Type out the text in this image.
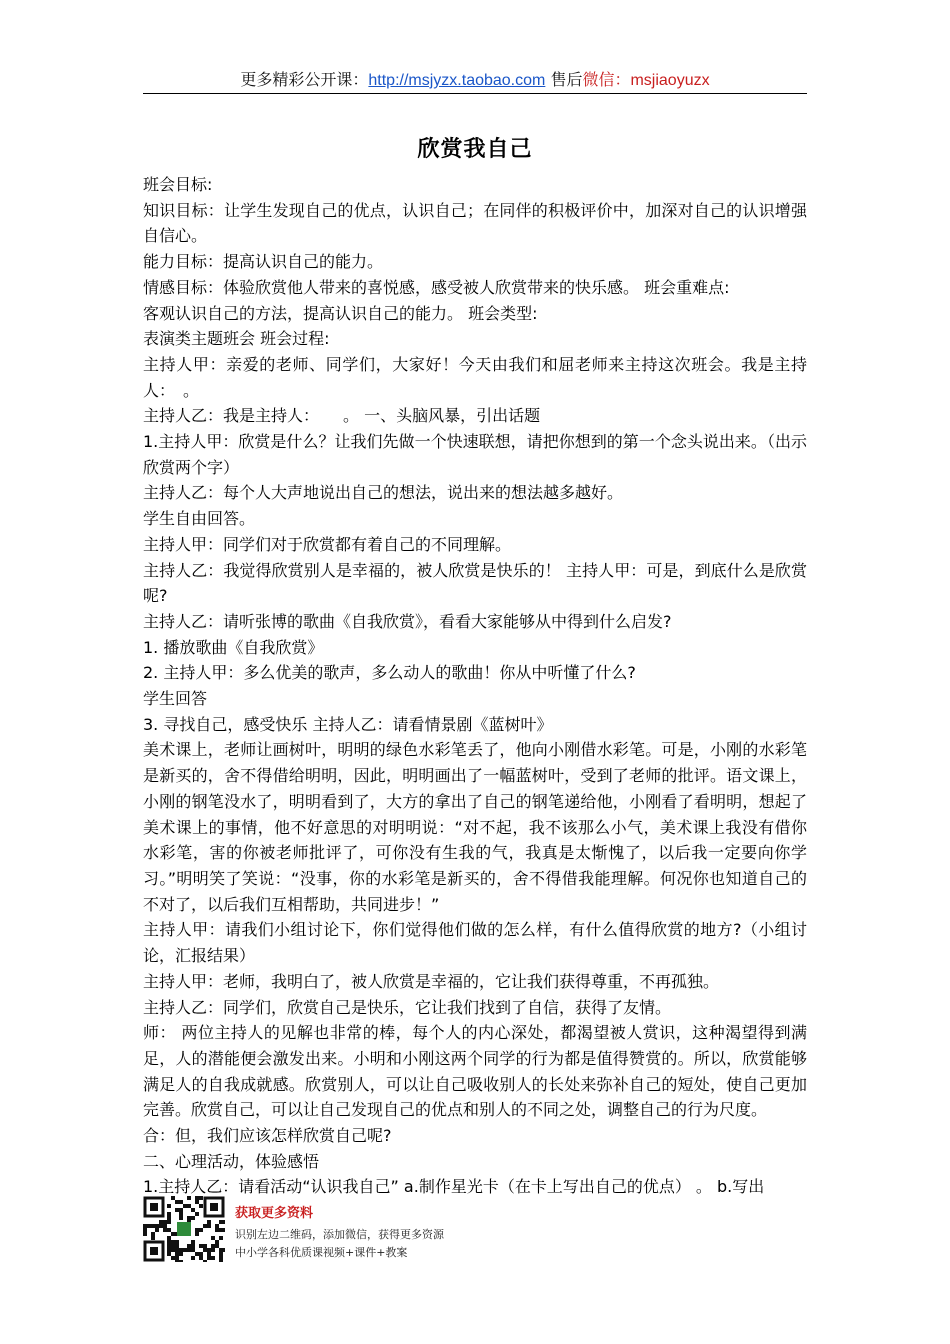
更多精彩公开课：http://msjyzx.taobao.com 售后微信：msjiaoyuzx
欣赏我自己

班会目标:

知识目标：让学生发现自己的优点，认识自己；在同伴的积极评价中，加深对自己的认识增强自信心。

能力目标：提高认识自己的能力。

情感目标：体验欣赏他人带来的喜悦感，感受被人欣赏带来的快乐感。 班会重难点:

客观认识自己的方法，提高认识自己的能力。 班会类型:

表演类主题班会 班会过程:

主持人甲：亲爱的老师、同学们，大家好！今天由我们和屈老师来主持这次班会。我是主持人：　。

主持人乙：我是主持人：　　。 一、头脑风暴，引出话题

1.主持人甲：欣赏是什么？让我们先做一个快速联想，请把你想到的第一个念头说出来。（出示欣赏两个字）

主持人乙：每个人大声地说出自己的想法，说出来的想法越多越好。

学生自由回答。

主持人甲：同学们对于欣赏都有着自己的不同理解。

主持人乙：我觉得欣赏别人是幸福的，被人欣赏是快乐的！ 主持人甲：可是，到底什么是欣赏呢?

主持人乙：请听张博的歌曲《自我欣赏》，看看大家能够从中得到什么启发?

1. 播放歌曲《自我欣赏》

2. 主持人甲：多么优美的歌声，多么动人的歌曲！你从中听懂了什么?

学生回答

3. 寻找自己，感受快乐 主持人乙：请看情景剧《蓝树叶》

美术课上，老师让画树叶，明明的绿色水彩笔丢了，他向小刚借水彩笔。可是，小刚的水彩笔是新买的，舍不得借给明明，因此，明明画出了一幅蓝树叶，受到了老师的批评。语文课上，小刚的钢笔没水了，明明看到了，大方的拿出了自己的钢笔递给他，小刚看了看明明，想起了美术课上的事情，他不好意思的对明明说：“对不起，我不该那么小气，美术课上我没有借你水彩笔，害的你被老师批评了，可你没有生我的气，我真是太惭愧了，以后我一定要向你学习。”明明笑了笑说：“没事，你的水彩笔是新买的，舍不得借我能理解。何况你也知道自己的不对了，以后我们互相帮助，共同进步！”

主持人甲：请我们小组讨论下，你们觉得他们做的怎么样，有什么值得欣赏的地方?（小组讨论，汇报结果）

主持人甲：老师，我明白了，被人欣赏是幸福的，它让我们获得尊重，不再孤独。

主持人乙：同学们，欣赏自己是快乐，它让我们找到了自信，获得了友情。

师： 两位主持人的见解也非常的棒，每个人的内心深处，都渴望被人赏识，这种渴望得到满足，人的潜能便会激发出来。小明和小刚这两个同学的行为都是值得赞赏的。所以，欣赏能够满足人的自我成就感。欣赏别人，可以让自己吸收别人的长处来弥补自己的短处，使自己更加完善。欣赏自己，可以让自己发现自己的优点和别人的不同之处，调整自己的行为尺度。

合：但，我们应该怎样欣赏自己呢?

二、心理活动，体验感悟

1.主持人乙：请看活动“认识我自己” a.制作星光卡（在卡上写出自己的优点） 。 b.写出

获取更多资料
识别左边二维码，添加微信，获得更多资源
中小学各科优质课视频+课件+教案
